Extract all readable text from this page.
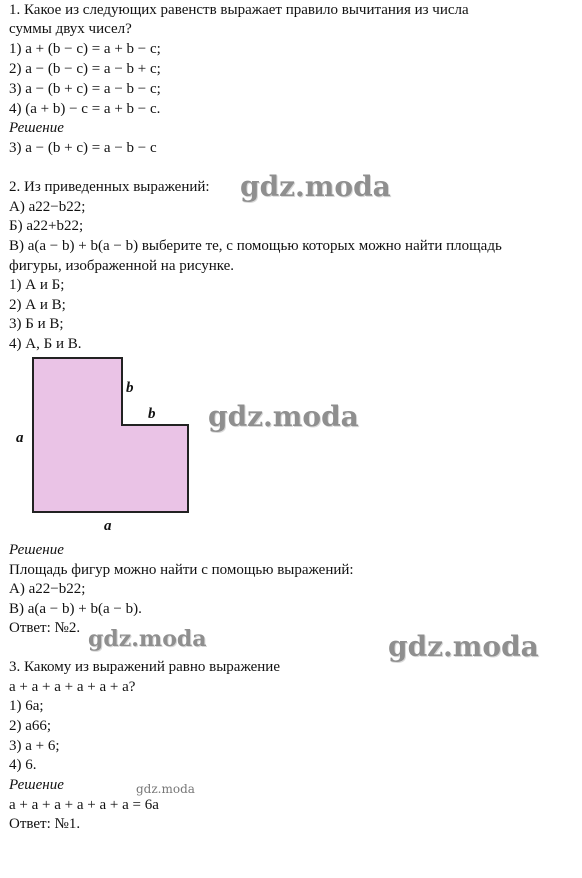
1. Какое из следующих равенств выражает правило вычитания из числа
суммы двух чисел?
1) a + (b − c) = a + b − c;
2) a − (b − c) = a − b + c;
3) a − (b + c) = a − b − c;
4) (a + b) − c = a + b − c.
Решение
3) a − (b + c) = a − b − c
2. Из приведенных выражений: gdz.moda
А) a22−b22;
Б) a22+b22;
В) a(a − b) + b(a − b) выберите те, с помощью которых можно найти площадь
фигуры, изображенной на рисунке.
1) А и Б;
2) А и В;
3) Б и В;
4) А, Б и В.
a
a
b
b gdz.moda
Решение
Площадь фигур можно найти с помощью выражений:
А) a22−b22;
В) a(a − b) + b(a − b).
Ответ: №2. gdz.moda	gdz.moda
3. Какому из выражений равно выражение
a + a + a + a + a + a?
1) 6a;
2) a66;
3) a + 6;
4) 6.
Решение	gdz.moda
a + a + a + a + a + a = 6a
Ответ: №1.
